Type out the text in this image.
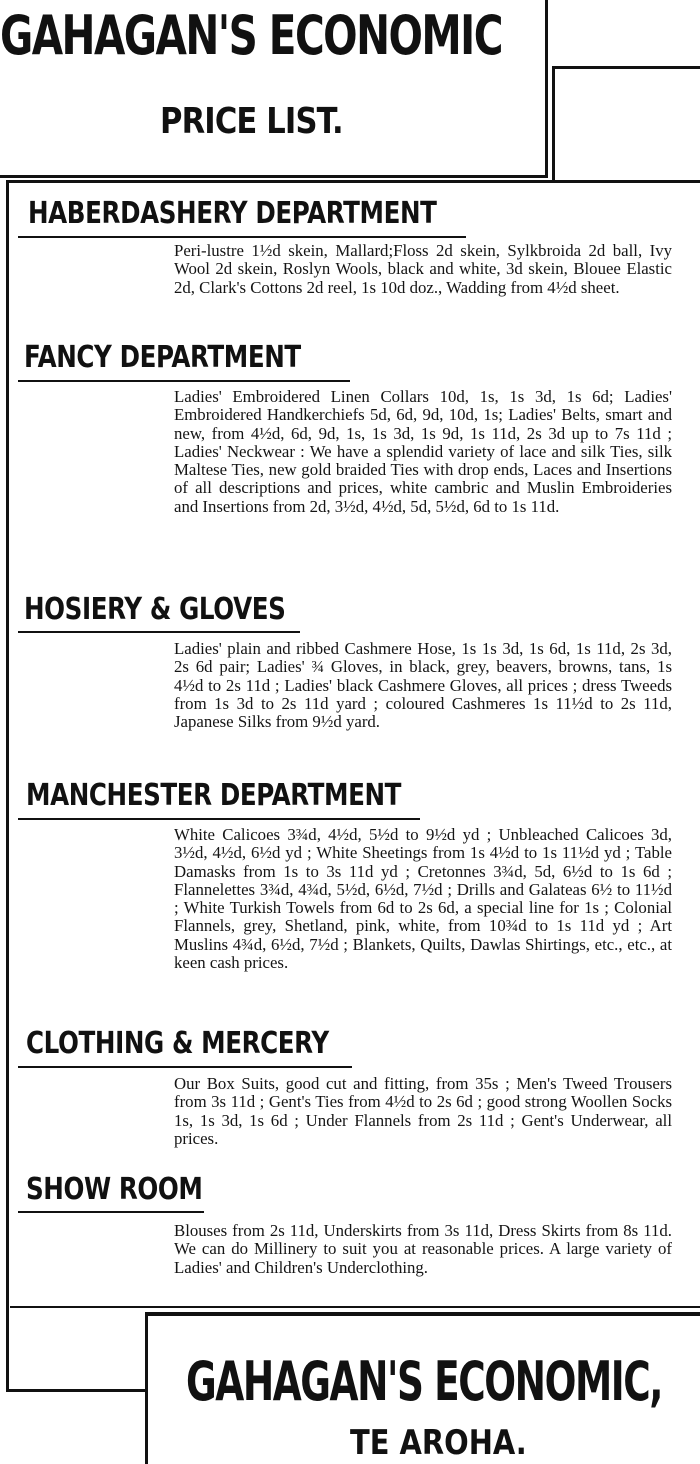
GAHAGAN'S ECONOMIC
PRICE LIST.
HABERDASHERY DEPARTMENT
Peri-lustre 1½d skein, Mallard;Floss 2d skein, Sylkbroida 2d ball, Ivy Wool 2d skein, Roslyn Wools, black and white, 3d skein, Blouee Elastic 2d, Clark's Cottons 2d reel, 1s 10d doz., Wadding from 4½d sheet.
FANCY DEPARTMENT
Ladies' Embroidered Linen Collars 10d, 1s, 1s 3d, 1s 6d; Ladies' Embroidered Handkerchiefs 5d, 6d, 9d, 10d, 1s; Ladies' Belts, smart and new, from 4½d, 6d, 9d, 1s, 1s 3d, 1s 9d, 1s 11d, 2s 3d up to 7s 11d ; Ladies' Neckwear : We have a splendid variety of lace and silk Ties, silk Maltese Ties, new gold braided Ties with drop ends, Laces and Insertions of all descriptions and prices, white cambric and Muslin Embroideries and Insertions from 2d, 3½d, 4½d, 5d, 5½d, 6d to 1s 11d.
HOSIERY & GLOVES
Ladies' plain and ribbed Cashmere Hose, 1s 1s 3d, 1s 6d, 1s 11d, 2s 3d, 2s 6d pair; Ladies' ¾ Gloves, in black, grey, beavers, browns, tans, 1s 4½d to 2s 11d ; Ladies' black Cashmere Gloves, all prices ; dress Tweeds from 1s 3d to 2s 11d yard ; coloured Cashmeres 1s 11½d to 2s 11d, Japanese Silks from 9½d yard.
MANCHESTER DEPARTMENT
White Calicoes 3¾d, 4½d, 5½d to 9½d yd ; Unbleached Calicoes 3d, 3½d, 4½d, 6½d yd ; White Sheetings from 1s 4½d to 1s 11½d yd ; Table Damasks from 1s to 3s 11d yd ; Cretonnes 3¾d, 5d, 6½d to 1s 6d ; Flannelettes 3¾d, 4¾d, 5½d, 6½d, 7½d ; Drills and Galateas 6½ to 11½d ; White Turkish Towels from 6d to 2s 6d, a special line for 1s ; Colonial Flannels, grey, Shetland, pink, white, from 10¾d to 1s 11d yd ; Art Muslins 4¾d, 6½d, 7½d ; Blankets, Quilts, Dawlas Shirtings, etc., etc., at keen cash prices.
CLOTHING & MERCERY
Our Box Suits, good cut and fitting, from 35s ; Men's Tweed Trousers from 3s 11d ; Gent's Ties from 4½d to 2s 6d ; good strong Woollen Socks 1s, 1s 3d, 1s 6d ; Under Flannels from 2s 11d ; Gent's Underwear, all prices.
SHOW ROOM
Blouses from 2s 11d, Underskirts from 3s 11d, Dress Skirts from 8s 11d. We can do Millinery to suit you at reasonable prices. A large variety of Ladies' and Children's Underclothing.
GAHAGAN'S ECONOMIC,
TE AROHA.
